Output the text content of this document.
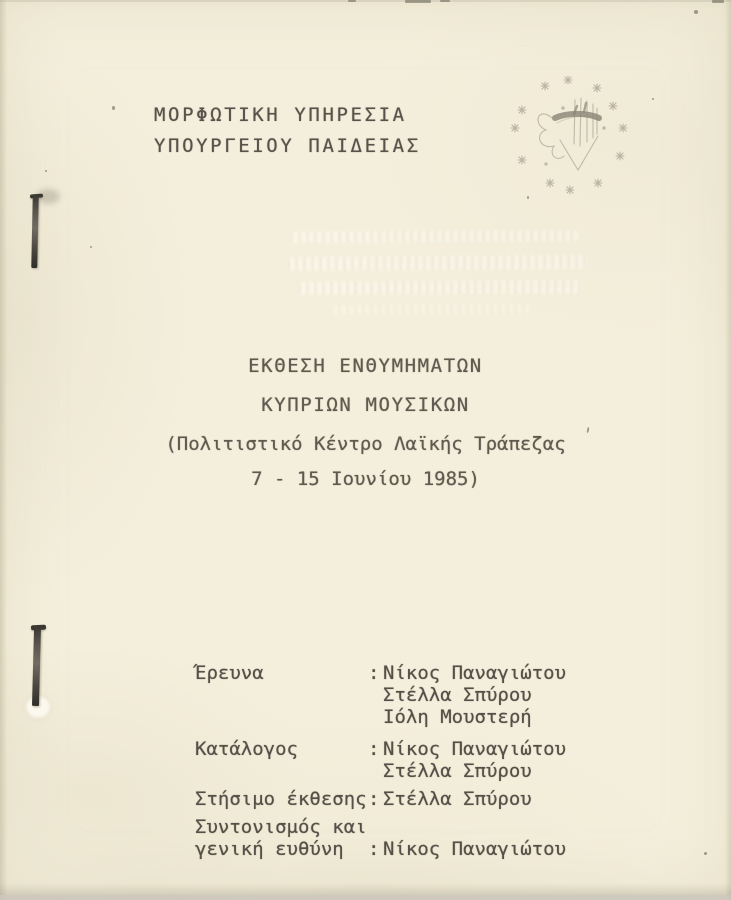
ΜΟΡΦΩΤΙΚΗ ΥΠΗΡΕΣΙΑ
ΥΠΟΥΡΓΕΙΟΥ ΠΑΙΔΕΙΑΣ
ΕΚΘΕΣΗ ΕΝΘΥΜΗΜΑΤΩΝ
ΚΥΠΡΙΩΝ ΜΟΥΣΙΚΩΝ
(Πολιτιστικό Κέντρο Λαϊκής Τράπεζας
7 - 15 Ιουνίου 1985)
Έρευνα	: Νίκος Παναγιώτου
Στέλλα Σπύρου
Ιόλη Μουστερή
Κατάλογος	: Νίκος Παναγιώτου
Στέλλα Σπύρου
Στήσιμο έκθεσης : Στέλλα Σπύρου
Συντονισμός και
γενική ευθύνη	: Νίκος Παναγιώτου
